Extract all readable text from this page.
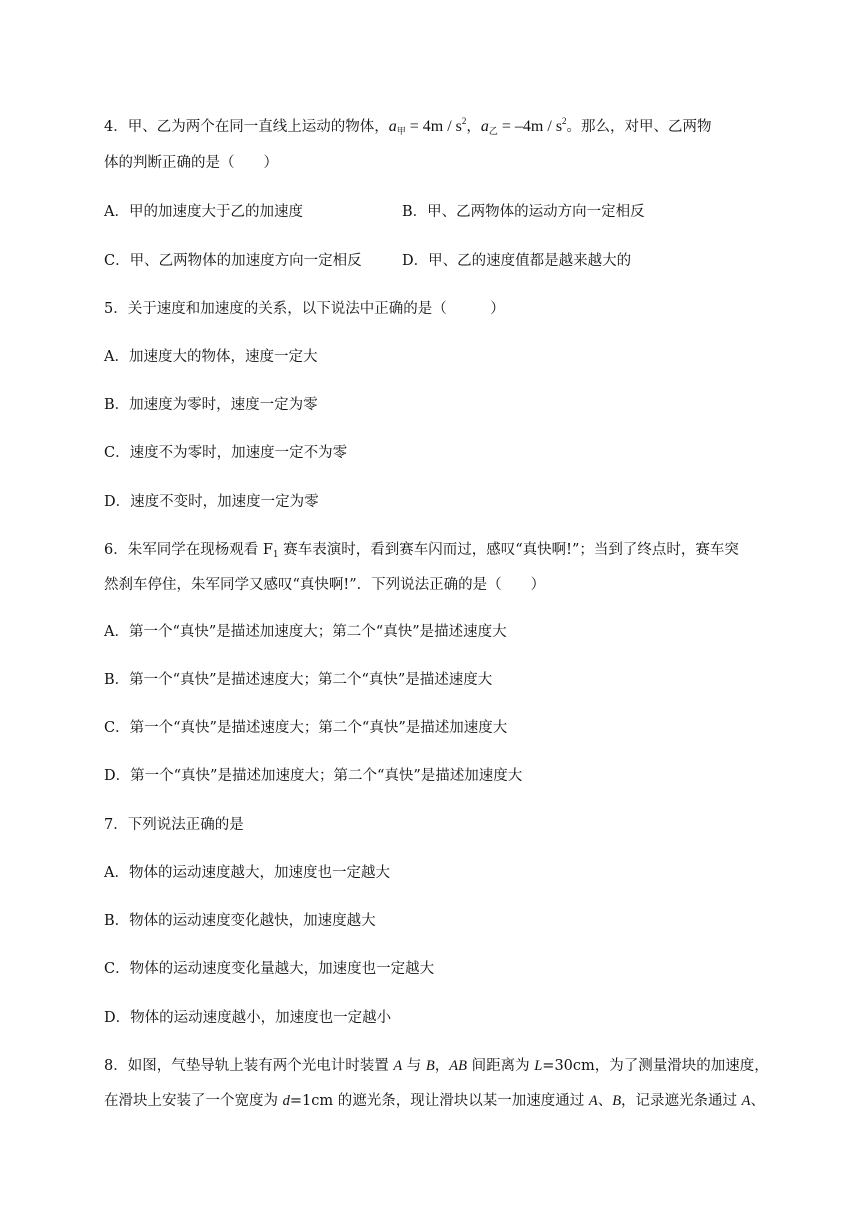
4．甲、乙为两个在同一直线上运动的物体，$a_甲 = 4m / s^2$，$a_乙 = -4m / s^2$。那么，对甲、乙两物
体的判断正确的是（　　）
A．甲的加速度大于乙的加速度	B．甲、乙两物体的运动方向一定相反
C．甲、乙两物体的加速度方向一定相反	D．甲、乙的速度值都是越来越大的
5．关于速度和加速度的关系，以下说法中正确的是（　　　）
A．加速度大的物体，速度一定大
B．加速度为零时，速度一定为零
C．速度不为零时，加速度一定不为零
D．速度不变时，加速度一定为零
6．朱军同学在现杨观看 $F_1$ 赛车表演时，看到赛车闪而过，感叹“真快啊!”；当到了终点时，赛车突
然刹车停住，朱军同学又感叹“真快啊!”．下列说法正确的是（　　）
A．第一个“真快”是描述加速度大；第二个“真快”是描述速度大
B．第一个“真快”是描述速度大；第二个“真快”是描述速度大
C．第一个“真快”是描述速度大；第二个“真快”是描述加速度大
D．第一个“真快”是描述加速度大；第二个“真快”是描述加速度大
7．下列说法正确的是
A．物体的运动速度越大，加速度也一定越大
B．物体的运动速度变化越快，加速度越大
C．物体的运动速度变化量越大，加速度也一定越大
D．物体的运动速度越小，加速度也一定越小
8．如图，气垫导轨上装有两个光电计时装置 A 与 B，AB 间距离为 L=30cm，为了测量滑块的加速度，
在滑块上安装了一个宽度为 d=1cm 的遮光条，现让滑块以某一加速度通过 A、B，记录遮光条通过 A、
